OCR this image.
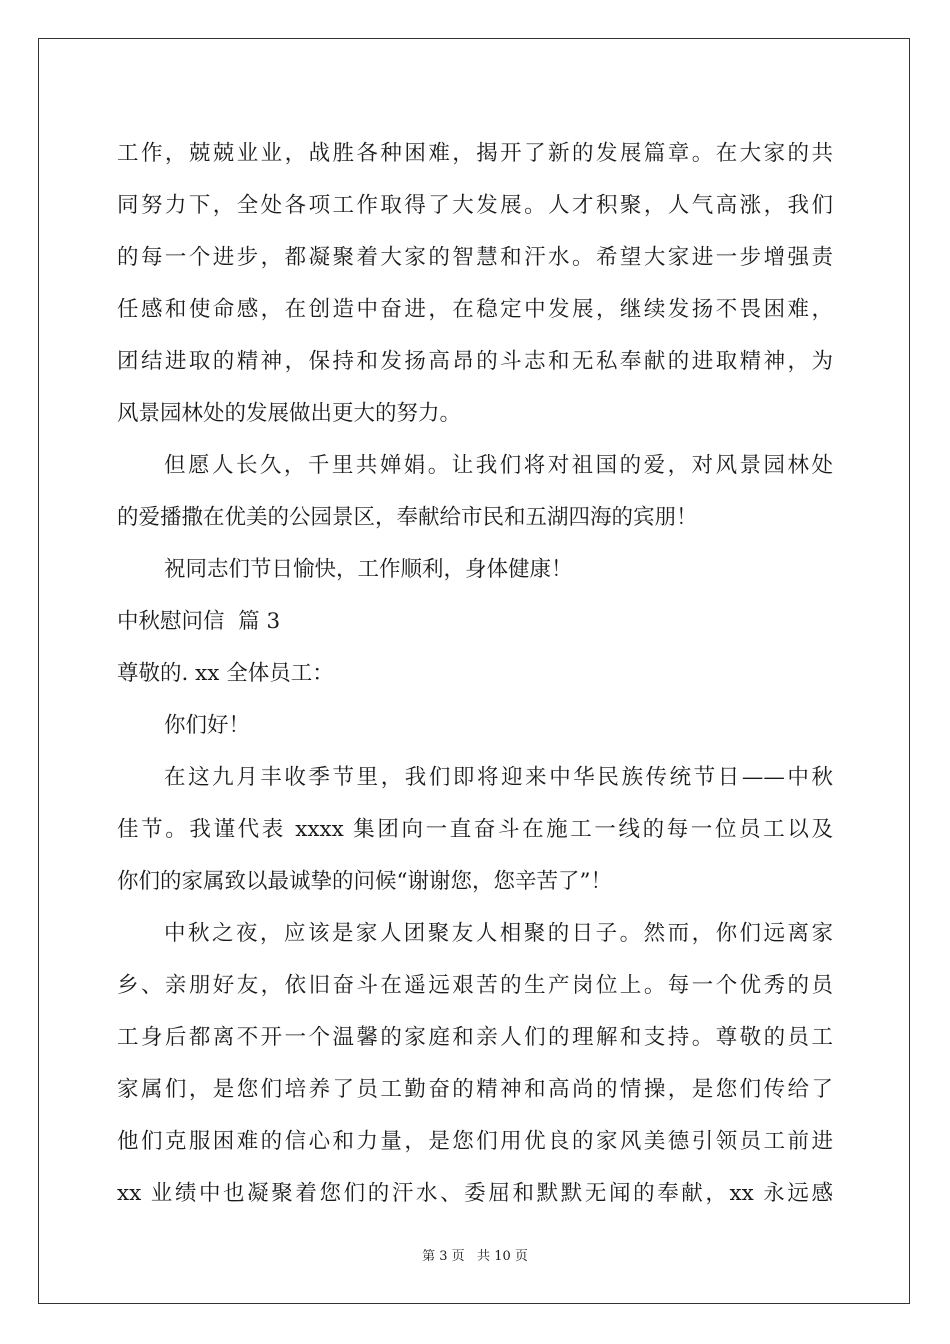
工作，兢兢业业，战胜各种困难，揭开了新的发展篇章。在大家的共
同努力下，全处各项工作取得了大发展。人才积聚，人气高涨，我们
的每一个进步，都凝聚着大家的智慧和汗水。希望大家进一步增强责
任感和使命感，在创造中奋进，在稳定中发展，继续发扬不畏困难，
团结进取的精神，保持和发扬高昂的斗志和无私奉献的进取精神，为
风景园林处的发展做出更大的努力。
但愿人长久，千里共婵娟。让我们将对祖国的爱，对风景园林处
的爱播撒在优美的公园景区，奉献给市民和五湖四海的宾朋！
祝同志们节日愉快，工作顺利，身体健康！
中秋慰问信  篇 3
尊敬的. xx 全体员工：
你们好！
在这九月丰收季节里，我们即将迎来中华民族传统节日——中秋
佳节。我谨代表 xxxx 集团向一直奋斗在施工一线的每一位员工以及
你们的家属致以最诚挚的问候“谢谢您，您辛苦了”！
中秋之夜，应该是家人团聚友人相聚的日子。然而，你们远离家
乡、亲朋好友，依旧奋斗在遥远艰苦的生产岗位上。每一个优秀的员
工身后都离不开一个温馨的家庭和亲人们的理解和支持。尊敬的员工
家属们，是您们培养了员工勤奋的精神和高尚的情操，是您们传给了
他们克服困难的信心和力量，是您们用优良的家风美德引领员工前进
xx 业绩中也凝聚着您们的汗水、委屈和默默无闻的奉献，xx 永远感
第 3 页   共 10 页
